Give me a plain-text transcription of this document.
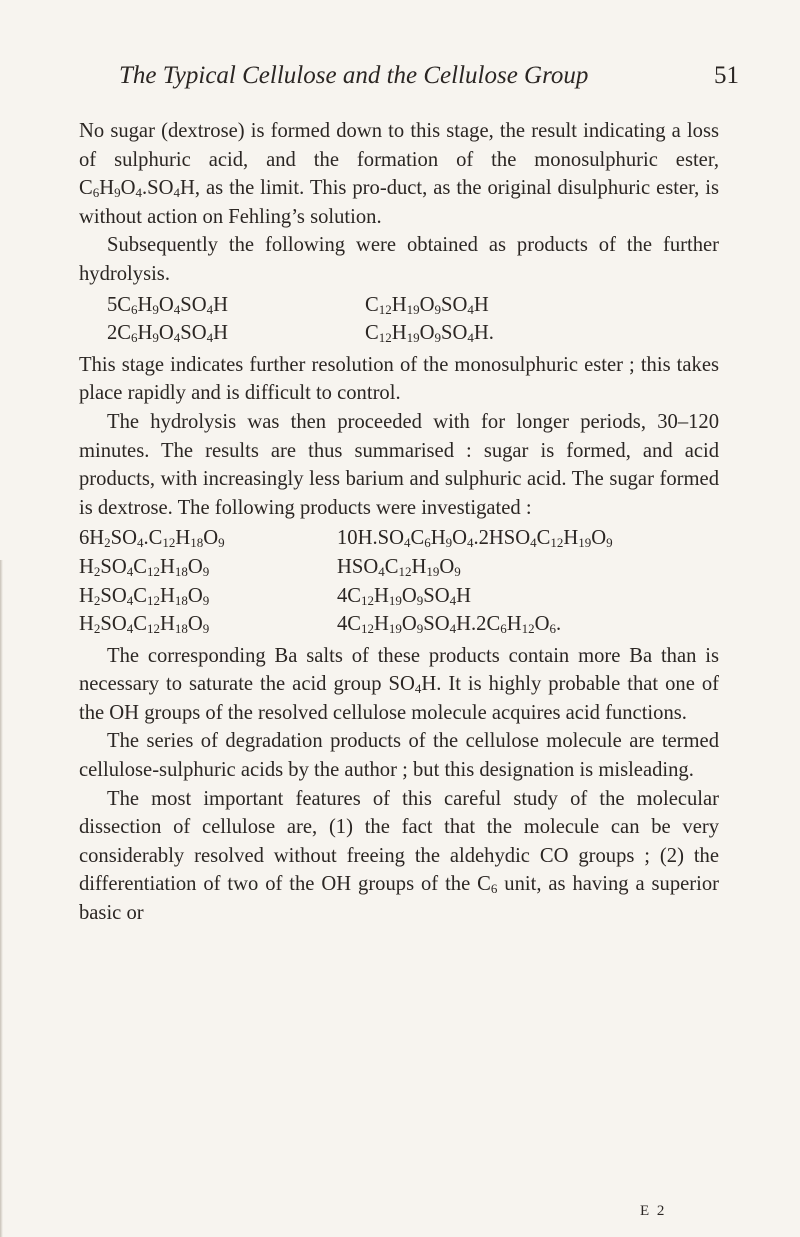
The Typical Cellulose and the Cellulose Group	51

No sugar (dextrose) is formed down to this stage, the result indicating a loss of sulphuric acid, and the formation of the monosulphuric ester, $C_6H_9O_4.SO_4H$, as the limit. This pro-duct, as the original disulphuric ester, is without action on Fehling’s solution.

Subsequently the following were obtained as products of the further hydrolysis.

$5C_6H_9O_4SO_4H$	$C_{12}H_{19}O_9SO_4H$
$2C_6H_9O_4SO_4H$	$C_{12}H_{19}O_9SO_4H$.

This stage indicates further resolution of the monosulphuric ester ; this takes place rapidly and is difficult to control.

The hydrolysis was then proceeded with for longer periods, 30–120 minutes. The results are thus summarised : sugar is formed, and acid products, with increasingly less barium and sulphuric acid. The sugar formed is dextrose. The following products were investigated :

$6H_2SO_4.C_{12}H_{18}O_9$	$10H.SO_4C_6H_9O_4.2HSO_4C_{12}H_{19}O_9$
$H_2SO_4C_{12}H_{18}O_9$	$HSO_4C_{12}H_{19}O_9$
$H_2SO_4C_{12}H_{18}O_9$	$4C_{12}H_{19}O_9SO_4H$
$H_2SO_4C_{12}H_{18}O_9$	$4C_{12}H_{19}O_9SO_4H.2C_6H_{12}O_6$.

The corresponding Ba salts of these products contain more Ba than is necessary to saturate the acid group $SO_4H$. It is highly probable that one of the OH groups of the resolved cellulose molecule acquires acid functions.

The series of degradation products of the cellulose molecule are termed cellulose-sulphuric acids by the author ; but this designation is misleading.

The most important features of this careful study of the molecular dissection of cellulose are, (1) the fact that the molecule can be very considerably resolved without freeing the aldehydic CO groups ; (2) the differentiation of two of the OH groups of the $C_6$ unit, as having a superior basic or

E 2
